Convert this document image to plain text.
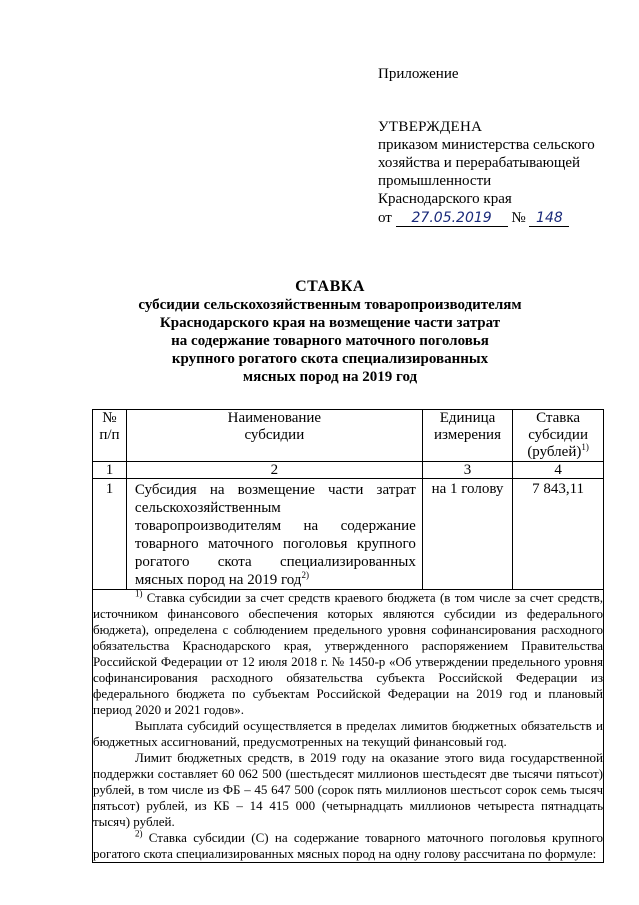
Приложение
УТВЕРЖДЕНА
приказом министерства сельского
хозяйства и перерабатывающей
промышленности
Краснодарского края
от 27.05.2019 № 148
СТАВКА
субсидии сельскохозяйственным товаропроизводителям
Краснодарского края на возмещение части затрат
на содержание товарного маточного поголовья
крупного рогатого скота специализированных
мясных пород на 2019 год
№ п/п	Наименование субсидии	Единица измерения	Ставка субсидии (рублей)$^{1)}$
1	2	3	4
1	Субсидия на возмещение части затрат сельскохозяйственным товаропроизводителям на содержание товарного маточного поголовья крупного рогатого скота специализированных мясных пород на 2019 год$^{2)}$	на 1 голову	7 843,11

$^{1)}$ Ставка субсидии за счет средств краевого бюджета (в том числе за счет средств, источником финансового обеспечения которых являются субсидии из федерального бюджета), определена с соблюдением предельного уровня софинансирования расходного обязательства Краснодарского края, утвержденного распоряжением Правительства Российской Федерации от 12 июля 2018 г. № 1450-р «Об утверждении предельного уровня софинансирования расходного обязательства субъекта Российской Федерации из федерального бюджета по субъектам Российской Федерации на 2019 год и плановый период 2020 и 2021 годов».

Выплата субсидий осуществляется в пределах лимитов бюджетных обязательств и бюджетных ассигнований, предусмотренных на текущий финансовый год.

Лимит бюджетных средств, в 2019 году на оказание этого вида государственной поддержки составляет 60 062 500 (шестьдесят миллионов шестьдесят две тысячи пятьсот) рублей, в том числе из ФБ – 45 647 500 (сорок пять миллионов шестьсот сорок семь тысяч пятьсот) рублей, из КБ – 14 415 000 (четырнадцать миллионов четыреста пятнадцать тысяч) рублей.

$^{2)}$ Ставка субсидии (С) на содержание товарного маточного поголовья крупного рогатого скота специализированных мясных пород на одну голову рассчитана по формуле:			
